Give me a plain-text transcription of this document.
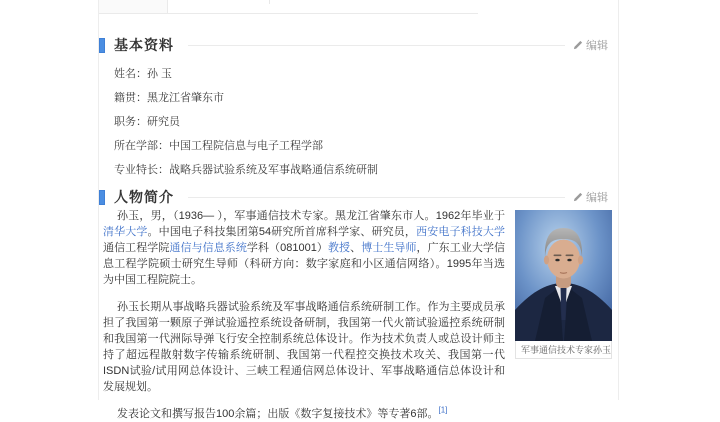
基本资料	编辑
姓名：孙 玉
籍贯：黑龙江省肇东市
职务：研究员
所在学部：中国工程院信息与电子工程学部
专业特长：战略兵器试验系统及军事战略通信系统研制
人物简介	编辑
军事通信技术专家孙玉

孙玉，男，（1936— ），军事通信技术专家。黑龙江省肇东市人。1962年毕业于清华大学。中国电子科技集团第54研究所首席科学家、研究员，西安电子科技大学通信工程学院通信与信息系统学科（081001）教授、博士生导师，广东工业大学信息工程学院硕士研究生导师（科研方向：数字家庭和小区通信网络）。1995年当选为中国工程院院士。

孙玉长期从事战略兵器试验系统及军事战略通信系统研制工作。作为主要成员承担了我国第一颗原子弹试验遥控系统设备研制，我国第一代火箭试验遥控系统研制和我国第一代洲际导弹飞行安全控制系统总体设计。作为技术负责人或总设计师主持了超远程散射数字传输系统研制、我国第一代程控交换技术攻关、我国第一代ISDN试验/试用网总体设计、三峡工程通信网总体设计、军事战略通信总体设计和发展规划。

发表论文和撰写报告100余篇；出版《数字复接技术》等专著6部。[1]
